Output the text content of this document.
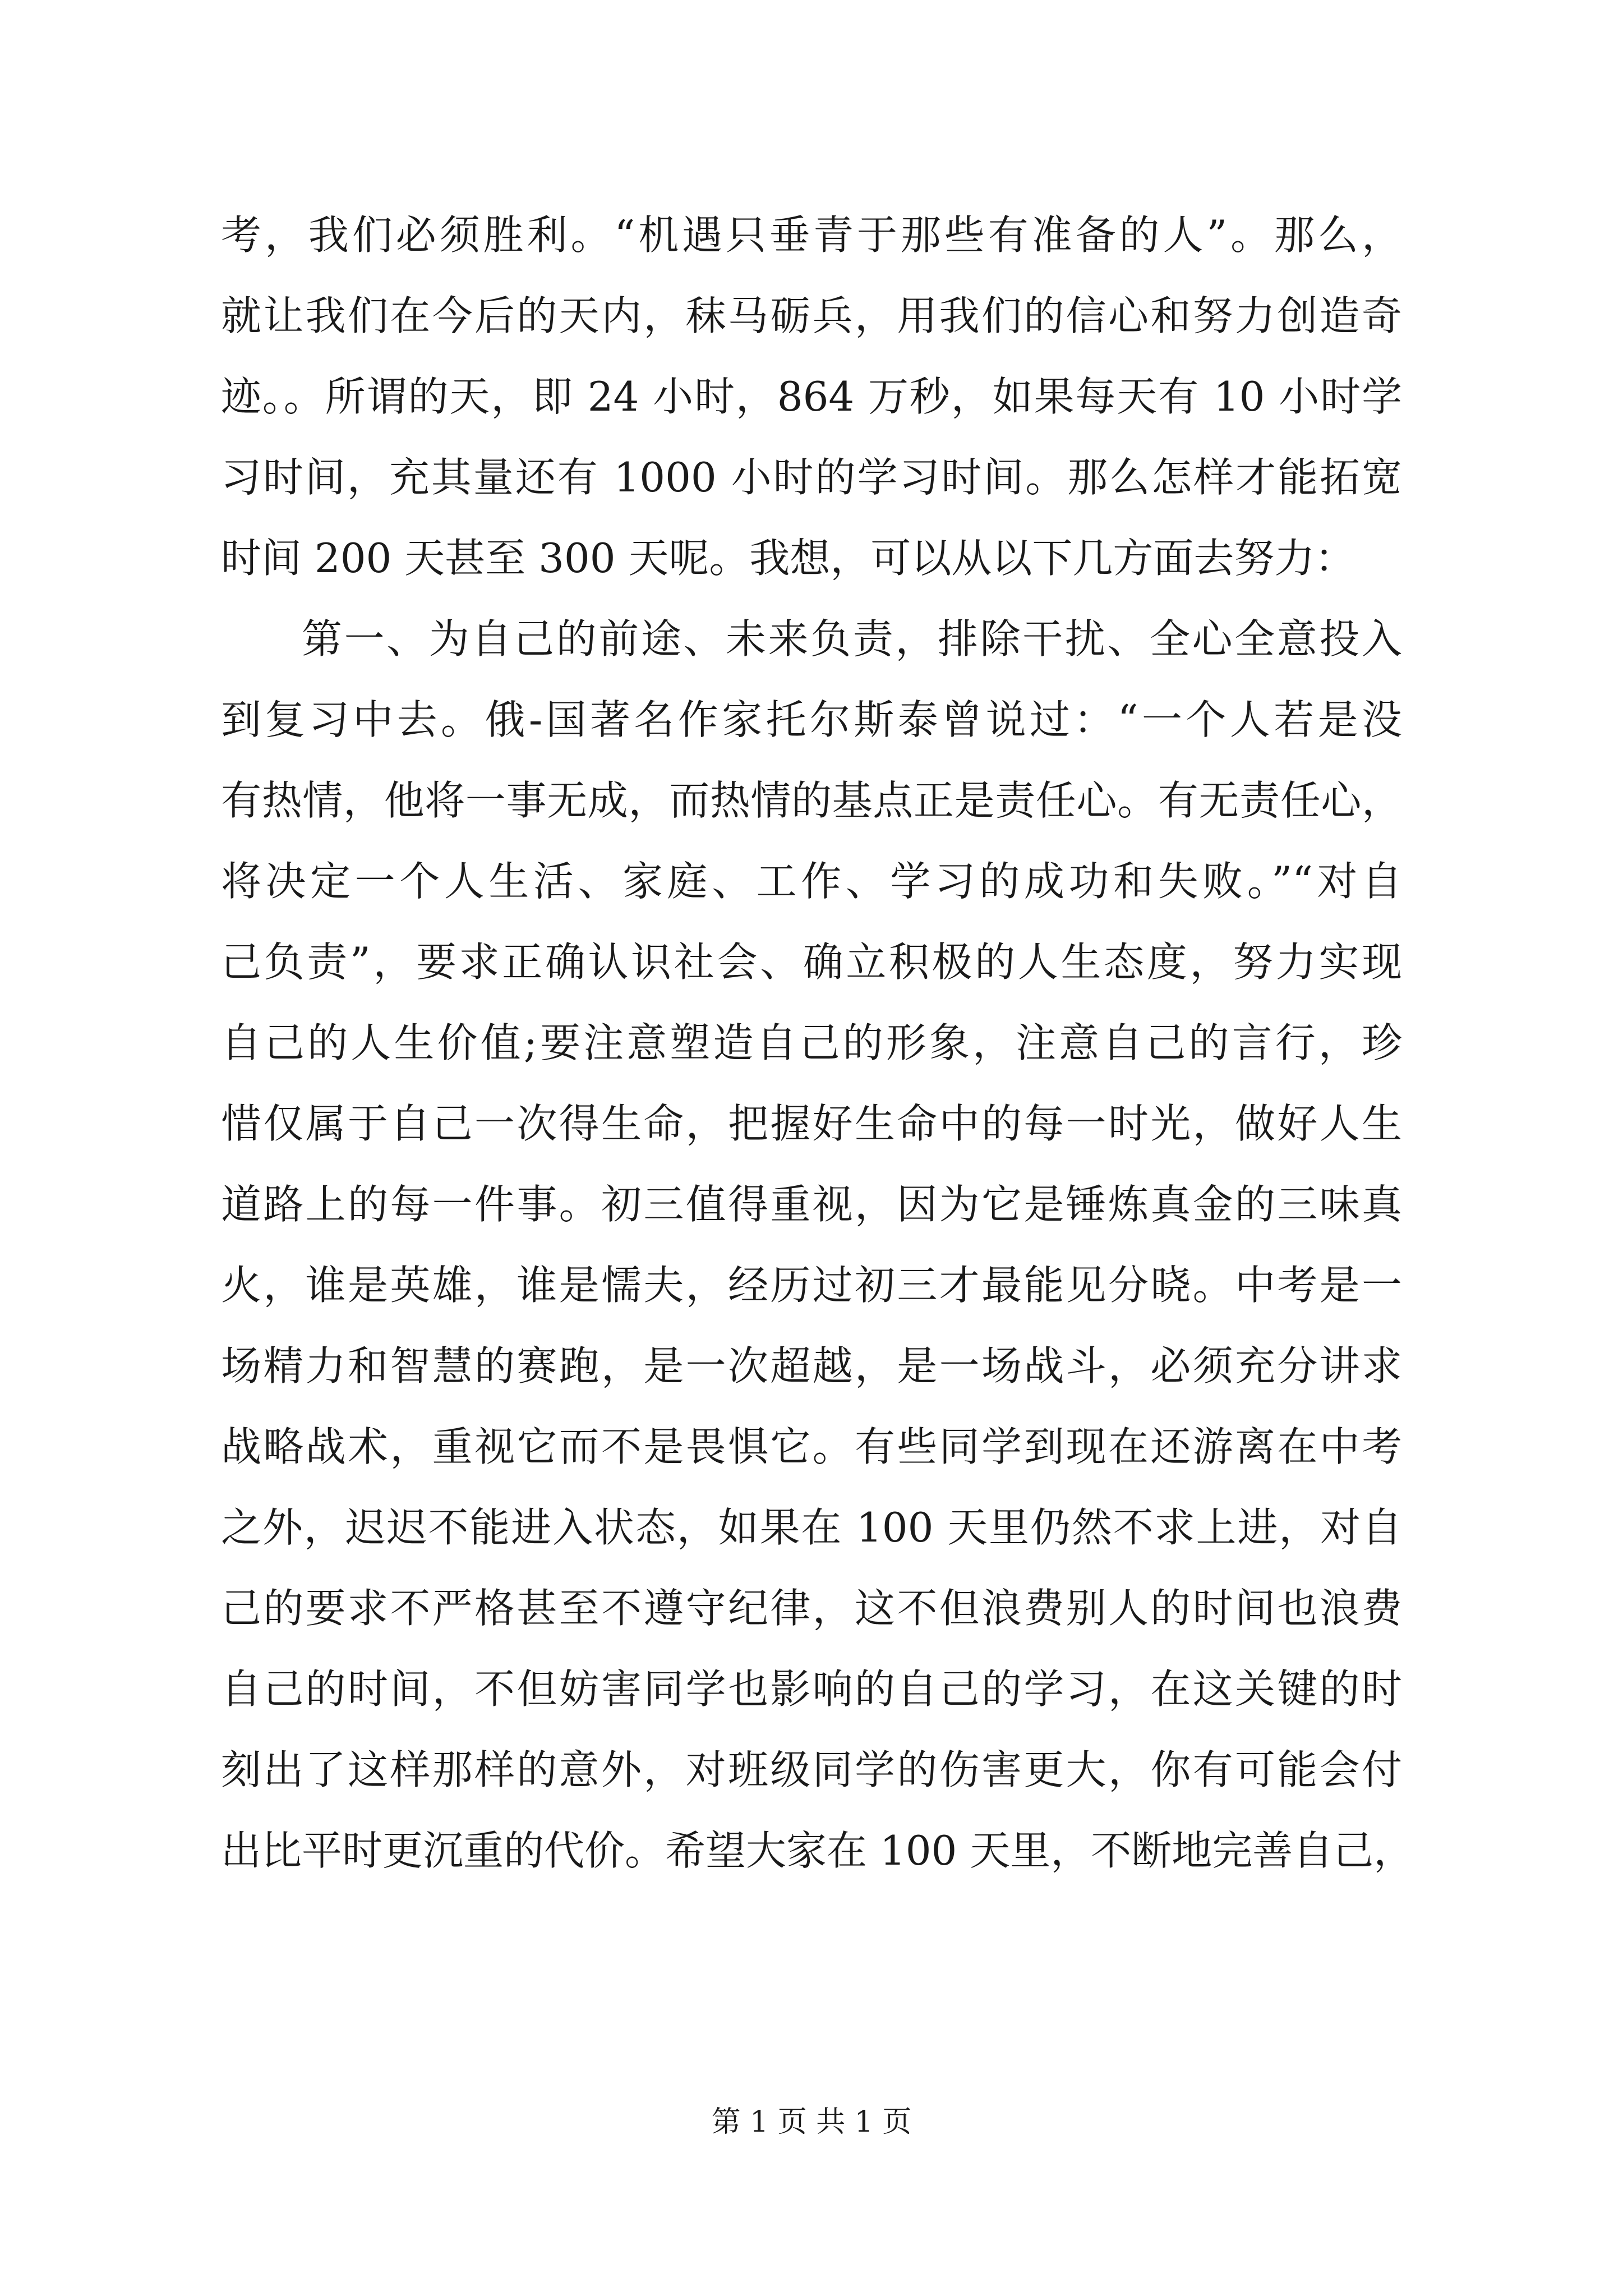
考，我们必须胜利。“机遇只垂青于那些有准备的人”。那么，
就让我们在今后的天内，秣马砺兵，用我们的信心和努力创造奇
迹。。所谓的天，即 24 小时，864 万秒，如果每天有 10 小时学
习时间，充其量还有 1000 小时的学习时间。那么怎样才能拓宽
时间 200 天甚至 300 天呢。我想，可以从以下几方面去努力：
第一、为自己的前途、未来负责，排除干扰、全心全意投入
到复习中去。俄-国著名作家托尔斯泰曾说过：“一个人若是没
有热情，他将一事无成，而热情的基点正是责任心。有无责任心，
将决定一个人生活、家庭、工作、学习的成功和失败。”“对自
己负责”，要求正确认识社会、确立积极的人生态度，努力实现
自己的人生价值;要注意塑造自己的形象，注意自己的言行，珍
惜仅属于自己一次得生命，把握好生命中的每一时光，做好人生
道路上的每一件事。初三值得重视，因为它是锤炼真金的三味真
火，谁是英雄，谁是懦夫，经历过初三才最能见分晓。中考是一
场精力和智慧的赛跑，是一次超越，是一场战斗，必须充分讲求
战略战术，重视它而不是畏惧它。有些同学到现在还游离在中考
之外，迟迟不能进入状态，如果在 100 天里仍然不求上进，对自
己的要求不严格甚至不遵守纪律，这不但浪费别人的时间也浪费
自己的时间，不但妨害同学也影响的自己的学习，在这关键的时
刻出了这样那样的意外，对班级同学的伤害更大，你有可能会付
出比平时更沉重的代价。希望大家在 100 天里，不断地完善自己，
第 1 页 共 1 页
